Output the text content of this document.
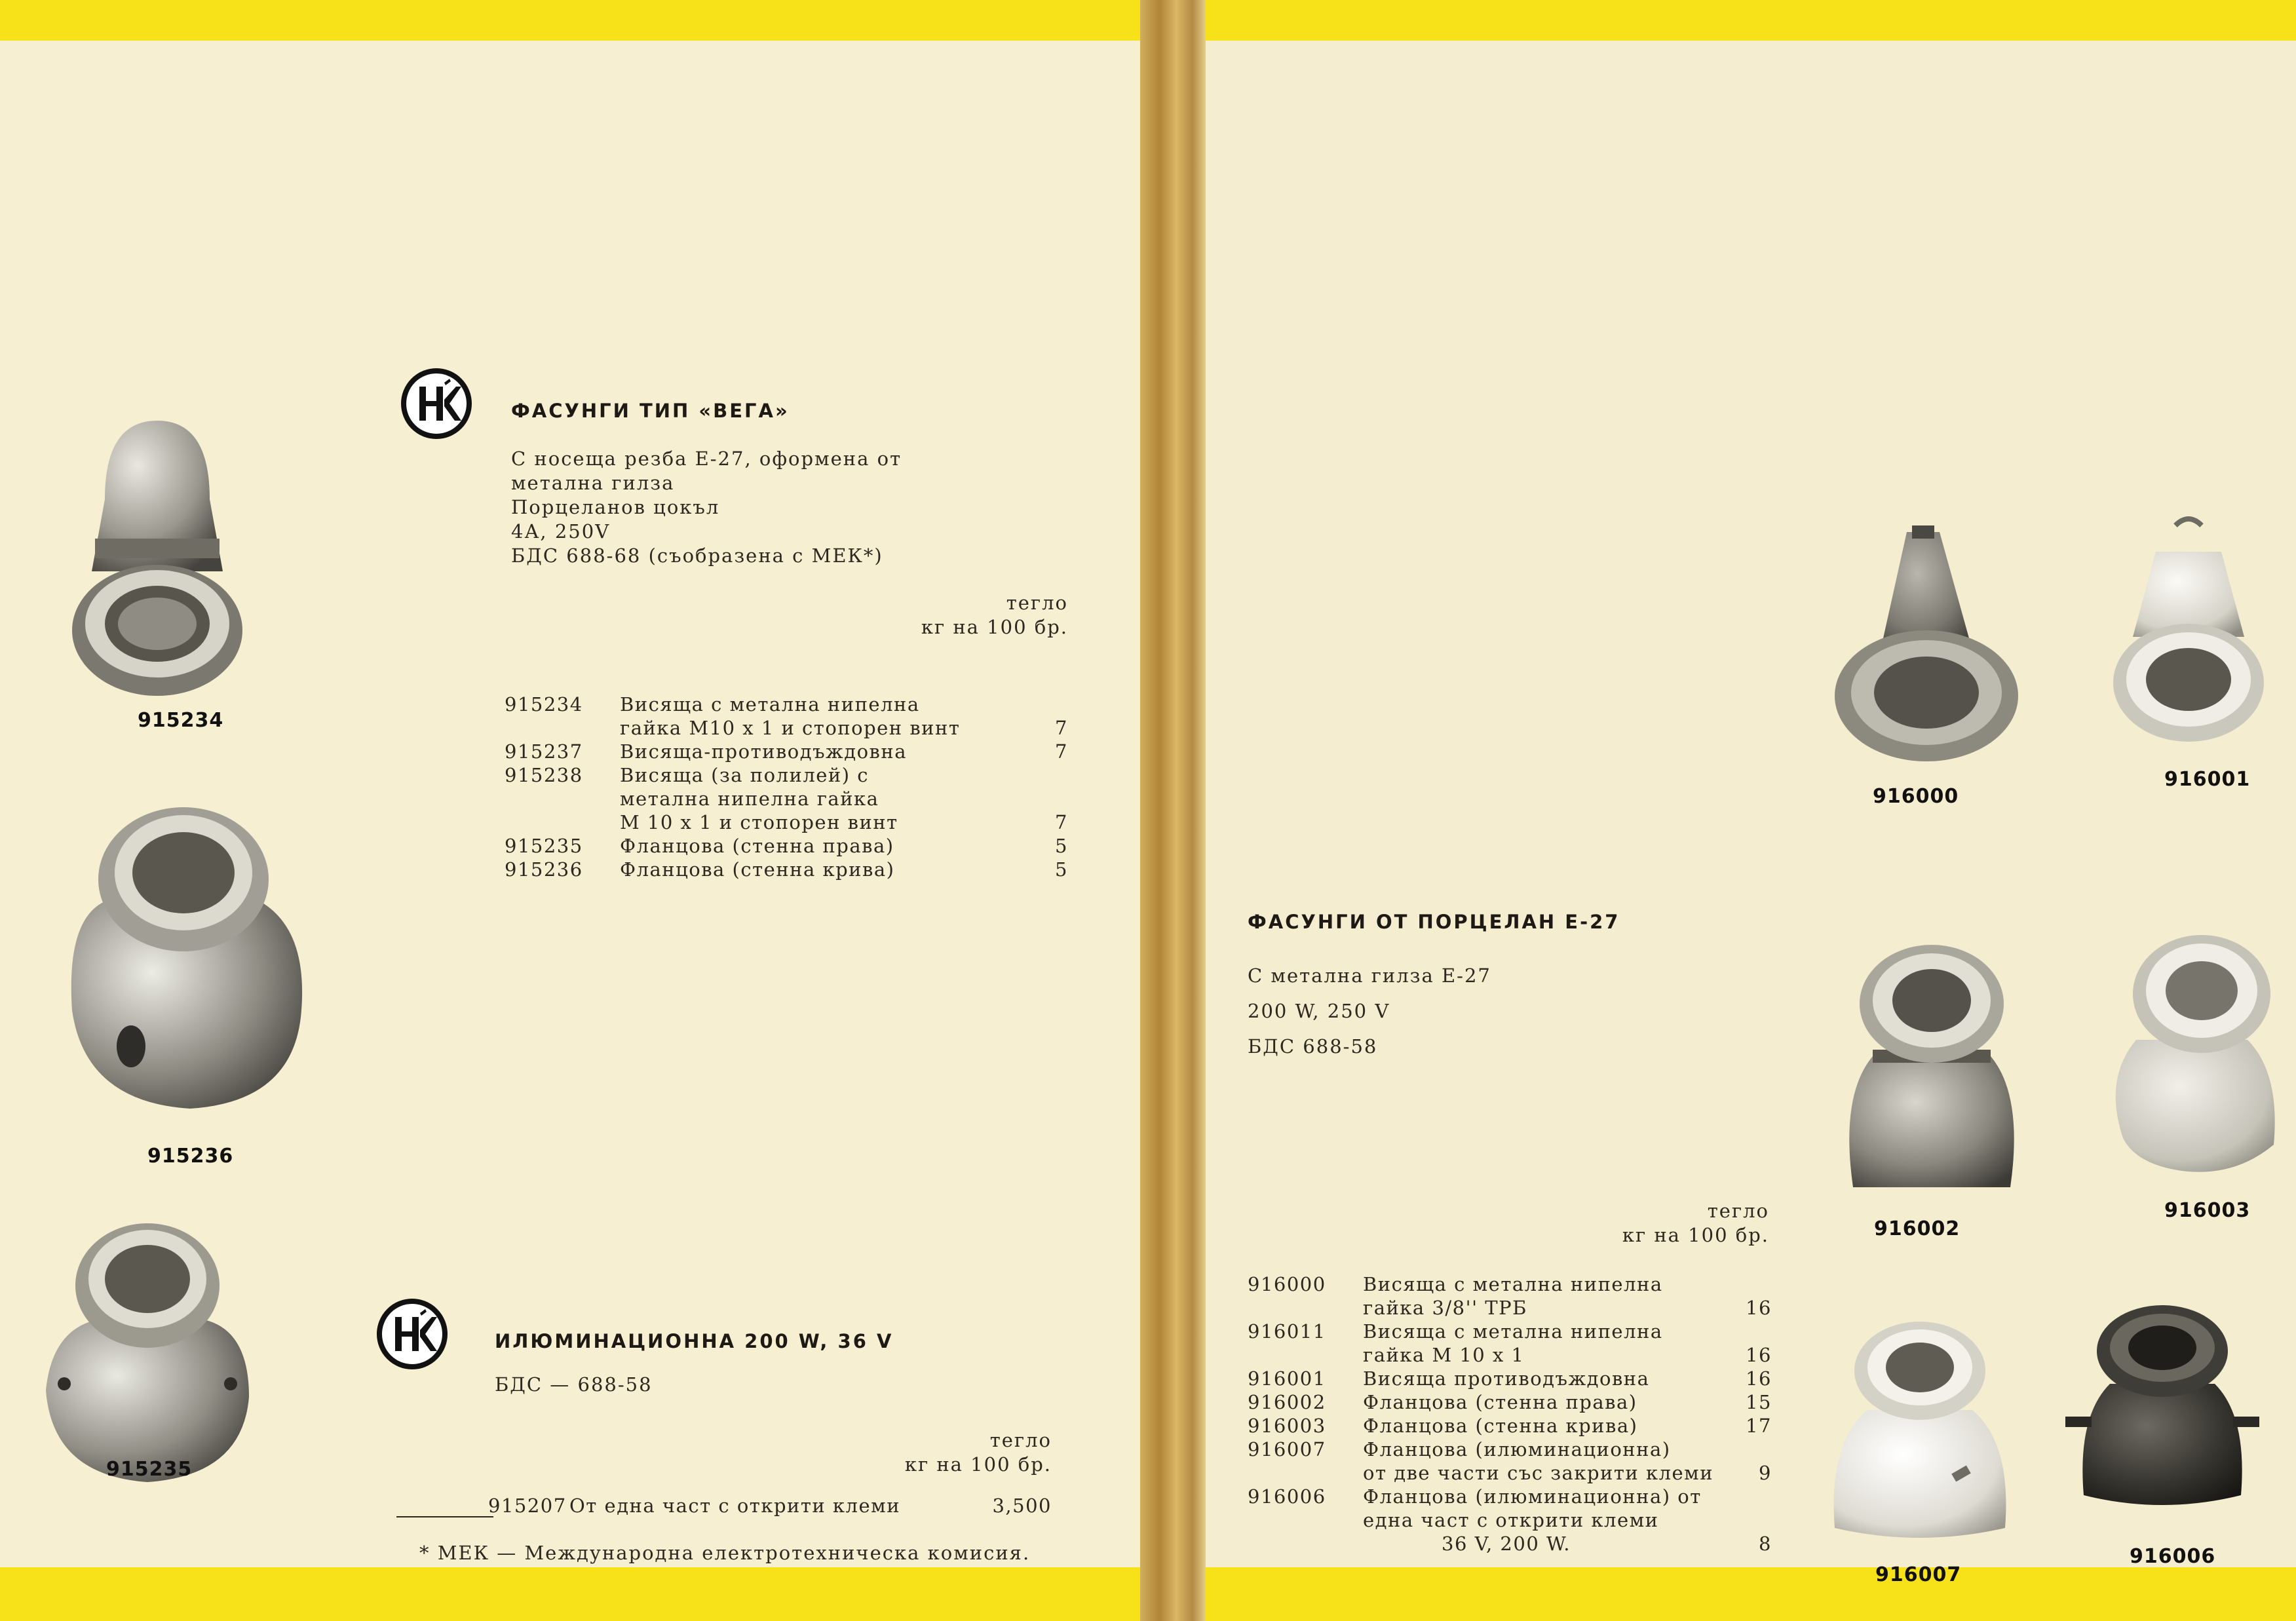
915234
915236
915235
ФАСУНГИ ТИП «ВЕГА»
С носеща резба Е-27, оформена от
метална гилза
Порцеланов цокъл
4А, 250V
БДС 688-68 (съобразена с МЕК*)
тегло
кг на 100 бр.
915234	Висяща с метална нипелна
гайка М10 х 1 и стопорен винт	7
915237	Висяща-противодъждовна	7
915238	Висяща (за полилей) с
метална нипелна гайка
М 10 х 1 и стопорен винт	7
915235	Фланцова (стенна права)	5
915236	Фланцова (стенна крива)	5
ИЛЮМИНАЦИОННА 200 W, 36 V
БДС — 688-58
тегло
кг на 100 бр.
915207 От една част с открити клеми	3,500
* МЕК — Международна електротехническа комисия.
ФАСУНГИ ОТ ПОРЦЕЛАН Е-27
С метална гилза Е-27
200 W, 250 V
БДС 688-58
тегло
кг на 100 бр.
916000	Висяща с метална нипелна
гайка 3/8'' ТРБ	16
916011	Висяща с метална нипелна
гайка М 10 х 1	16
916001	Висяща противодъждовна	16
916002	Фланцова (стенна права)	15
916003	Фланцова (стенна крива)	17
916007	Фланцова (илюминационна)
от две части със закрити клеми	9
916006	Фланцова (илюминационна) от
една част с открити клеми
36 V, 200 W.	8
916000
916001
916002
916003
916007
916006
